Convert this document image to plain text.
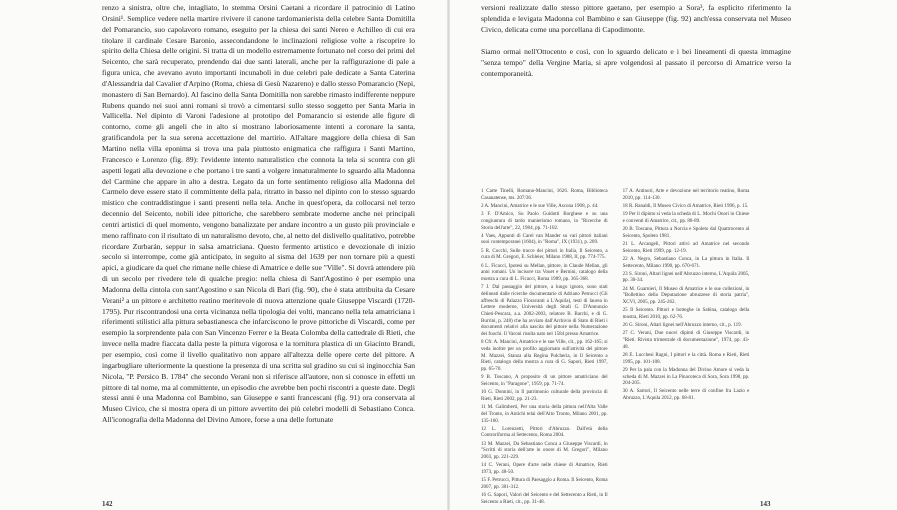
renzo a sinistra, oltre che, intagliato, lo stemma Orsini Caetani a ricordare il patrocinio di Latino Orsini¹. Semplice vedere nella martire rivivere il canone tardomanierista della celebre Santa Domitilla del Pomarancio, suo capolavoro romano, eseguito per la chiesa dei santi Nereo e Achilleo di cui era titolare il cardinale Cesare Baronio, assecondandone le inclinazioni religiose volte a riscoprire lo spirito della Chiesa delle origini. Si tratta di un modello estremamente fortunato nel corso dei primi del Seicento, che sarà recuperato, prendendo dai due santi laterali, anche per la raffigurazione di pale a figura unica, che avevano avuto importanti incunaboli in due celebri pale dedicate a Santa Caterina d'Alessandria dal Cavalier d'Arpino (Roma, chiesa di Gesù Nazareno) e dallo stesso Pomarancio (Nepi, monastero di San Bernardo). Al fascino della Santa Domitilla non sarebbe rimasto indifferente neppure Rubens quando nei suoi anni romani si trovò a cimentarsi sullo stesso soggetto per Santa Maria in Vallicella. Nel dipinto di Varoni l'adesione al prototipo del Pomarancio si estende alle figure di contorno, come gli angeli che in alto si mostrano laboriosamente intenti a coronare la santa, gratificandola per la sua serena accettazione del martirio. All'altare maggiore della chiesa di San Martino nella villa eponima si trova una pala piuttosto enigmatica che raffigura i Santi Martino, Francesco e Lorenzo (fig. 89): l'evidente intento naturalistico che connota la tela si scontra con gli aspetti legati alla devozione e che portano i tre santi a volgere innaturalmente lo sguardo alla Madonna del Carmine che appare in alto a destra. Legato da un forte sentimento religioso alla Madonna del Carmelo deve essere stato il committente della pala, ritratto in basso nel dipinto con lo stesso sguardo mistico che contraddistingue i santi presenti nella tela. Anche in quest'opera, da collocarsi nel terzo decennio del Seicento, nobili idee pittoriche, che sarebbero sembrate moderne anche nei principali centri artistici di quel momento, vengono banalizzate per andare incontro a un gusto più provinciale e meno raffinato con il risultato di un naturalismo devoto, che, al netto del dislivello qualitativo, potrebbe ricordare Zurbarán, seppur in salsa amatriciana. Questo fermento artistico e devozionale di inizio secolo si interrompe, come già anticipato, in seguito al sisma del 1639 per non tornare più a questi apici, a giudicare da quel che rimane nelle chiese di Amatrice e delle sue "Ville". Si dovrà attendere più di un secolo per rivedere tele di qualche pregio: nella chiesa di Sant'Agostino è per esempio una Madonna della cintola con sant'Agostino e san Nicola di Bari (fig. 90), che è stata attribuita da Cesare Verani² a un pittore e architetto reatino meritevole di nuova attenzione quale Giuseppe Viscardi (1720-1795). Pur riscontrandosi una certa vicinanza nella tipologia dei volti, mancano nella tela amatriciana i riferimenti stilistici alla pittura sebastianesca che infarciscono le prove pittoriche di Viscardi, come per esempio la sorprendente pala con San Vincenzo Ferrer e la Beata Colomba della cattedrale di Rieti, che invece nella madre fiaccata dalla peste la pittura vigorosa e la tornitura plastica di un Giacinto Brandi, per esempio, così come il livello qualitativo non appare all'altezza delle opere certe del pittore. A ingarbugliare ulteriormente la questione la presenza di una scritta sul gradino su cui si inginocchia San Nicola, "P. Persico B. 1784" che secondo Verani non si riferisce all'autore, non si conosce in effetti un pittore di tal nome, ma al committente, un episodio che avrebbe ben pochi riscontri a queste date. Degli stessi anni è una Madonna col Bambino, san Giuseppe e santi francescani (fig. 91) ora conservata al Museo Civico, che si mostra opera di un pittore avvertito dei più celebri modelli di Sebastiano Conca. All'iconografia della Madonna del Divino Amore, forse a una delle fortunate

versioni realizzate dallo stesso pittore gaetano, per esempio a Sora³, fa esplicito riferimento la splendida e levigata Madonna col Bambino e san Giuseppe (fig. 92) anch'essa conservata nel Museo Civico, delicata come una porcellana di Capodimonte.

Siamo ormai nell'Ottocento e così, con lo sguardo delicato e i bei lineamenti di questa immagine "senza tempo" della Vergine Maria, si apre volgendosi al passato il percorso di Amatrice verso la contemporaneità.

1 Carte Tinelli, Romano-Mancini, 1626. Roma, Biblioteca Casanatense, ms. 207/36.

2 A. Mancini, Amatrice e le sue Ville, Ascona 1908, p. 44.

3 F. D'Amico, Su Paolo Guidotti Borghese e su una congiuntura di tardo manierismo romano, in "Ricerche di Storia dell'arte", 22, 1984, pp. 71-102.

4 Vaes, Appunti di Carel van Mander su vari pittori italiani suoi contemporanei (1604), in "Roma", IX (1931), p. 209.

5 R. Cocchi, Sulle tracce dei pittori in Italia, Il Seicento, a cura di M. Gregori, E. Schleier, Milano 1988, II, pp. 774-775.

6 L. Ficacci, Ipotesi su Mellan, pittore, in Claude Mellan, gli anni romani. Un incisore tra Vouet e Bernini, catalogo della mostra a cura di L. Ficacci, Roma 1989, pp. 365-368.

7 J. Dal passaggio del pittore, a lungo ignoto, sono stati delineati dalle ricerche documentarie di Adriano Petrucci (Gli affreschi di Palazzo Fioravanti a L'Aquila), testi di laurea in Lettere moderne, Università degli Studi G. D'Annunzio Chieti-Pescara, a.a. 2002-2003, relatore B. Barchi, e di G. Burrini, p. 248) che ha avviato dall'Archivio di Stato di Rieti i documenti relativi alla nascita del pittore nella Numerazione dei fuochi. Il Varoni risulta nato nel 1584 presso Amatrice.

8 Cfr. A. Mancini, Amatrice e le sue Ville, cit., pp. 162-165; si veda inoltre per un profilo aggiornato sull'attività del pittore M. Mazzei, Stanza alla Regina Pulcheria, in Il Seicento a Rieti, catalogo della mostra a cura di G. Sapori, Rieti 1997, pp. 65-70.

9 B. Toscano, A proposito di un pittore amatriciano del Seicento, in "Paragone", 1959, pp. 71-74.

10 G. Donnini, in Il patrimonio culturale della provincia di Rieti, Rieti 2002, pp. 21-23.

11 M. Galimberti, Per una storia della pittura nell'Alta Valle del Tronto, in Antichi telai dell'Alto Tronto, Milano 2001, pp. 135-160.

12 L. Lorenzetti, Pittori d'Abruzzo. Dall'età della Controriforma al Settecento, Roma 2004.

13 M. Mazzei, Da Sebastiano Conca a Giuseppe Viscardi, in "Scritti di storia dell'arte in onore di M. Gregori", Milano 2003, pp. 221-229.

14 C. Verani, Opere d'arte nelle chiese di Amatrice, Rieti 1973, pp. 48-50.

15 F. Petrucci, Pittura di Paesaggio a Roma. Il Seicento, Roma 2007, pp. 301-312.

16 G. Sapori, Valori del Seicento e del Settecento a Rieti, in Il Seicento a Rieti, cit., pp. 31-48.

17 A. Antinori, Arte e devozione nel territorio reatino, Roma 2010, pp. 114-130.

18 R. Ranaldi, Il Museo Civico di Amatrice, Rieti 1996, p. 15.

19 Per il dipinto si veda la scheda di L. Mochi Onori in Chiese e conventi di Amatrice, cit., pp. 88-89.

20 B. Toscano, Pittura a Norcia e Spoleto dal Quattrocento al Seicento, Spoleto 1981.

21 L. Arcangeli, Pittori attivi ad Amatrice nel secondo Seicento, Rieti 1999, pp. 12-19.

22 A. Negro, Sebastiano Conca, in La pittura in Italia. Il Settecento, Milano 1990, pp. 670-671.

23 S. Sironi, Altari lignei nell'Abruzzo interno, L'Aquila 2005, pp. 30-34.

24 M. Guarnieri, Il Museo di Amatrice e le sue collezioni, in "Bollettino della Deputazione abruzzese di storia patria", XCVI, 2005, pp. 245-262.

25 Il Seicento. Pittori e botteghe in Sabina, catalogo della mostra, Rieti 2010, pp. 62-76.

26 G. Sironi, Altari lignei nell'Abruzzo interno, cit., p. 119.

27 C. Verani, Due nuovi dipinti di Giuseppe Viscardi, in "Rieti. Rivista trimestrale di documentazione", 1974, pp. 43-48.

28 E. Lucchesi Ragni, I pittori e la città. Roma e Rieti, Rieti 1995, pp. 101-108.

29 Per la pala con la Madonna del Divino Amore si veda la scheda di M. Mazzei in La Pinacoteca di Sora, Sora 1998, pp. 204-205.

30 A. Sartori, Il Seicento nelle terre di confine fra Lazio e Abruzzo, L'Aquila 2012, pp. 68-81.

142	143
